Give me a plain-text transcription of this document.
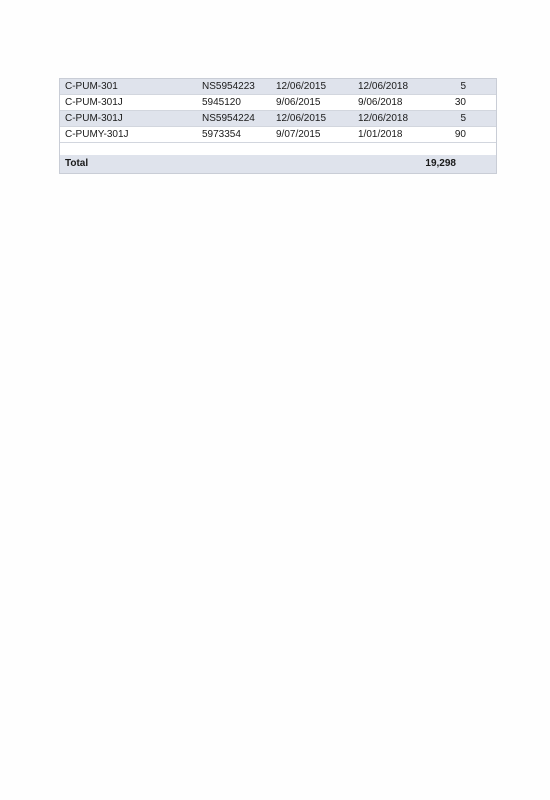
C-PUM-301	NS5954223 12/06/2015	12/06/2018	5
C-PUM-301J	5945120	9/06/2015	9/06/2018	30
C-PUM-301J	NS5954224 12/06/2015	12/06/2018	5
C-PUMY-301J	5973354	9/07/2015	1/01/2018	90
Total	19,298
